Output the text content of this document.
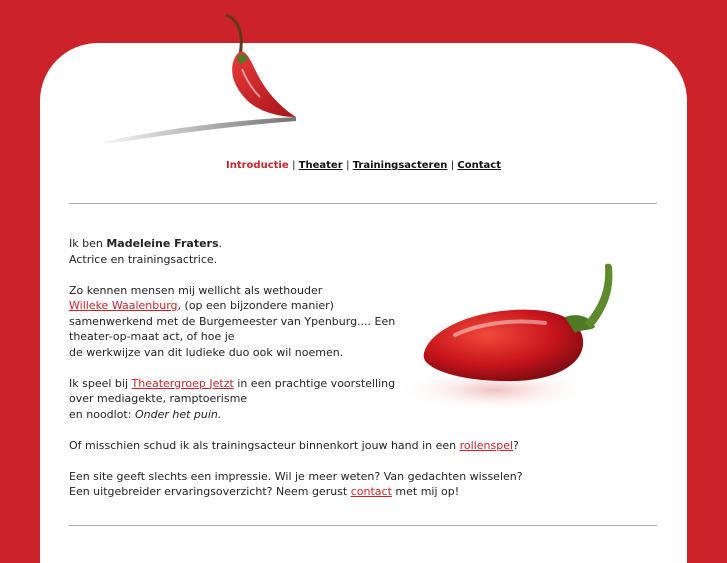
Introductie | Theater | Trainingsacteren | Contact

Ik ben Madeleine Fraters.
Actrice en trainingsactrice.

Zo kennen mensen mij wellicht als wethouder
Willeke Waalenburg, (op een bijzondere manier)
samenwerkend met de Burgemeester van Ypenburg.... Een
theater-op-maat act, of hoe je
de werkwijze van dit ludieke duo ook wil noemen.

Ik speel bij Theatergroep Jetzt in een prachtige voorstelling
over mediagekte, ramptoerisme
en noodlot: Onder het puin.

Of misschien schud ik als trainingsacteur binnenkort jouw hand in een rollenspel?

Een site geeft slechts een impressie. Wil je meer weten? Van gedachten wisselen?
Een uitgebreider ervaringsoverzicht? Neem gerust contact met mij op!
